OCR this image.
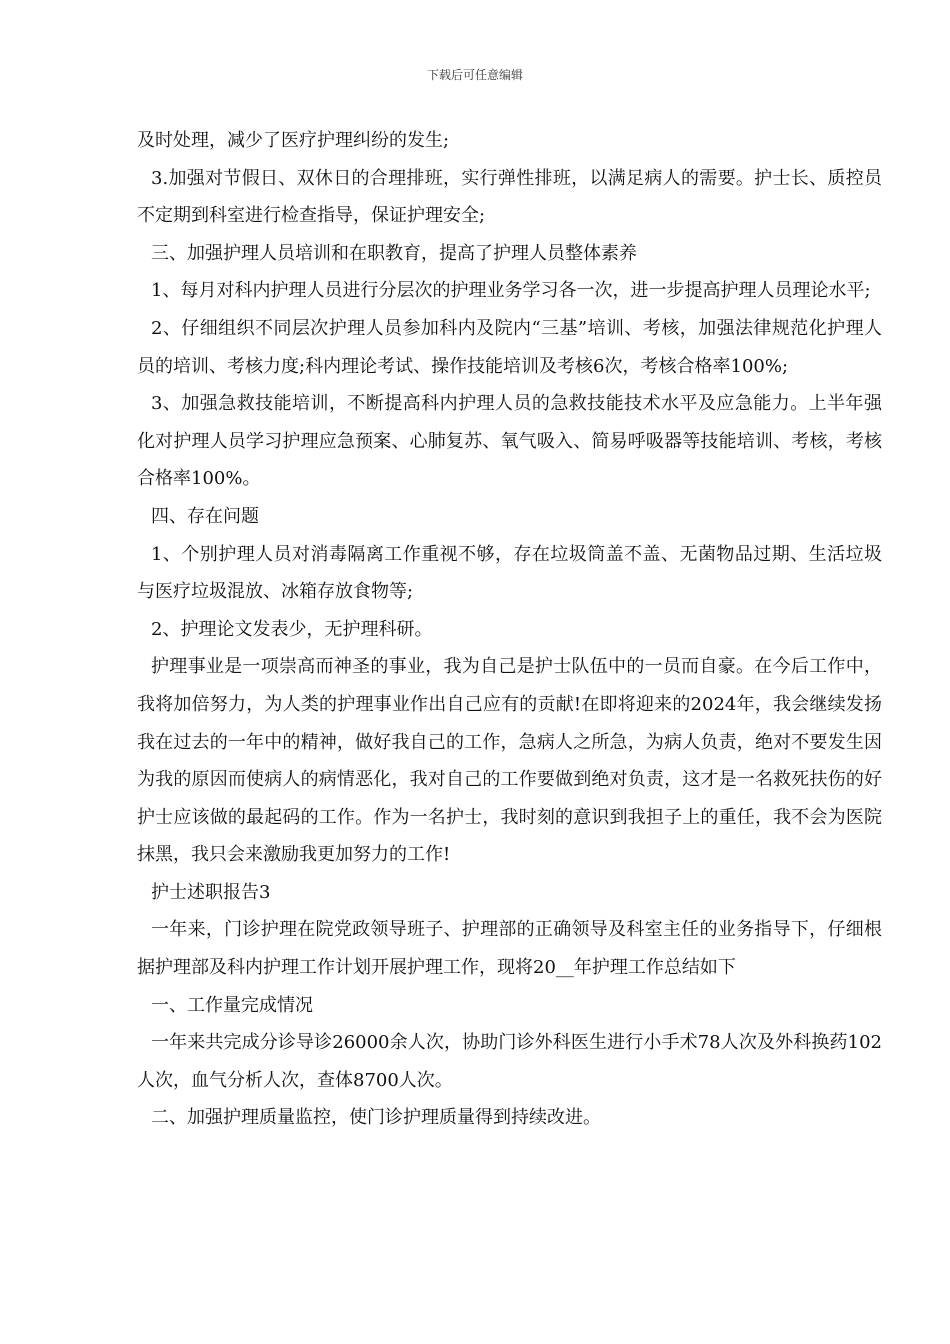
下载后可任意编辑

及时处理，减少了医疗护理纠纷的发生;

3.加强对节假日、双休日的合理排班，实行弹性排班，以满足病人的需要。护士长、质控员不定期到科室进行检查指导，保证护理安全;

三、加强护理人员培训和在职教育，提高了护理人员整体素养

1、每月对科内护理人员进行分层次的护理业务学习各一次，进一步提高护理人员理论水平;

2、仔细组织不同层次护理人员参加科内及院内“三基”培训、考核，加强法律规范化护理人员的培训、考核力度;科内理论考试、操作技能培训及考核6次，考核合格率100%;

3、加强急救技能培训，不断提高科内护理人员的急救技能技术水平及应急能力。上半年强化对护理人员学习护理应急预案、心肺复苏、氧气吸入、简易呼吸器等技能培训、考核，考核合格率100%。

四、存在问题

1、个别护理人员对消毒隔离工作重视不够，存在垃圾筒盖不盖、无菌物品过期、生活垃圾与医疗垃圾混放、冰箱存放食物等;

2、护理论文发表少，无护理科研。

护理事业是一项崇高而神圣的事业，我为自己是护士队伍中的一员而自豪。在今后工作中，我将加倍努力，为人类的护理事业作出自己应有的贡献!在即将迎来的2024年，我会继续发扬我在过去的一年中的精神，做好我自己的工作，急病人之所急，为病人负责，绝对不要发生因为我的原因而使病人的病情恶化，我对自己的工作要做到绝对负责，这才是一名救死扶伤的好护士应该做的最起码的工作。作为一名护士，我时刻的意识到我担子上的重任，我不会为医院抹黑，我只会来激励我更加努力的工作!

护士述职报告3

一年来，门诊护理在院党政领导班子、护理部的正确领导及科室主任的业务指导下，仔细根据护理部及科内护理工作计划开展护理工作，现将20__年护理工作总结如下

一、工作量完成情况

一年来共完成分诊导诊26000余人次，协助门诊外科医生进行小手术78人次及外科换药102人次，血气分析人次，查体8700人次。

二、加强护理质量监控，使门诊护理质量得到持续改进。
